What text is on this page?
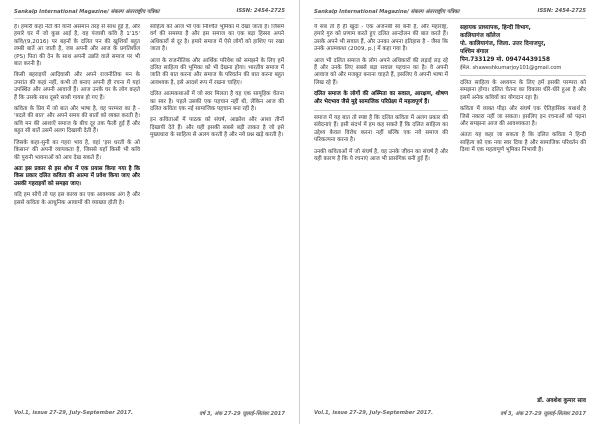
Sankalp International Magazine/ संकल्प अंतरराष्ट्रीय पत्रिका	ISSN: 2454-2725

है। हमारी कहां नेटों की यानी असमान तरह से साथ हुई है, और हमारे घर में जो कुछ आई है, वह पंजाबी कवि है 1'15' कवि/(9,2016) पर बहनों के दलित पन की खुशियाँ बहुत लम्बी बातें आ जाती है, जब अपनी और आज के प्रगतिशील (PS) पिता की देन के साथ अपनी उन्नति वाले समाज पर भी बात करनी है।

किसी बहराइयों आदिवासी और अपने राजनीतिक मन के उपरांत की कहां नहीं, कभी तो बनाए अपनी ही रचना में यहां उपस्थित और अपनी आवाजें हैं। आज उनके घर के लोग कहते हैं कि उसके साथ दूसरे साथी गायब हो गए हैं।

कविता के प्रिय में जो बात और भाषा है, वह परम्परा का है - 'बदले की बात' और अपने समय की बातों को व्यक्त करती है। कवि मन की आशाएँ समाज के बीच दूर तक फैली हुई हैं और बहुत सी बातें उसमें अलग दिखायी देती हैं।

जिसके कहा-सुनी का गहरा भाव है, वहां 'इस धरती के ओ किसान' की अपनी व्यापकता है, जिससे यहाँ किसी भी कवि की पुरानी भावनाओं को आप देख सकते हैं।

अतः इस प्रकार से इस शोध में एक प्रयास किया गया है कि किस प्रकार दलित कविता की आत्मा में प्रवेश किया जाए और उसकी गहराइयों को समझा जाए।

यदि हम सोचें तो यह इस काव्य का एक आवश्यक अंग है और इससे कविता के आधुनिक आयामों की व्याख्या होती है।

साहित्य को आज भी एक निश्चित भूमिका में देखा जाता है। जिसमें वर्ग की समस्या है और इस समाज का एक बड़ा हिस्सा अपने अधिकारों से दूर है। हमारे समाज में ऐसे लोगों को हाशिए पर रखा जाता है।

आज के राजनीतिक और आर्थिक परिवेश को समझने के लिए हमें दलित साहित्य की भूमिका को भी देखना होगा। भारतीय समाज में जाति की बात करना और समाज के परिवर्तन की बात करना बहुत आवश्यक है, इसे आदर्श रूप में रखना चाहिए।

दलित आत्मकथाओं में जो स्वर मिलता है वह एक सामूहिक चेतना का स्वर है। पहले उसकी एक पहचान नहीं थी, लेकिन आज की दलित कविता एक नई सामाजिक पहचान बना रही है।

इन कविताओं में पाठक को संघर्ष, आक्रोश और आशा तीनों दिखायी देते हैं। और यही इसकी सबसे बड़ी ताकत है जो इसे मुख्यधारा के साहित्य से अलग करती है और नये प्रश्न खड़े करती है।

Vol.1, issue 27-29, July-September 2017.	वर्ष 3, अंक 27-29 जुलाई-सितंबर 2017
Sankalp International Magazine/ संकल्प अंतरराष्ट्रीय पत्रिका	ISSN: 2454-2725

ये सब तो हैं ही खुदा - एक अजनबी सा बनी है, और महाराष्ट्र, हमारे गुरु को प्रणाम करते हुए दलित आन्दोलन की बात करते हैं। उसके अपने भी सवाल हैं, और उनका अपना इतिहास है - जैसा कि उनके आत्मकथा (2009, p.) में कहा गया है।

आज भी दलित समाज के लोग अपने अधिकारों की लड़ाई लड़ रहे हैं और उनके लिए सबसे बड़ा सवाल पहचान का है। वे अपनी आवाज को और मजबूत बनाना चाहते हैं, इसलिए वे अपनी भाषा में लिख रहे हैं।

दलित समाज के लोगों की अस्मिता का सवाल, आरक्षण, शोषण और भेदभाव जैसे मुद्दे सामाजिक परिप्रेक्ष्य में महत्वपूर्ण हैं।

समाज में यह बात तो स्पष्ट है कि दलित कविता में अलग प्रकार की संवेदनाएं हैं। इसी संदर्भ में हम कह सकते हैं कि दलित साहित्य का उद्देश्य केवल विरोध करना नहीं बल्कि एक नये समाज की परिकल्पना करना है।

उनकी कविताओं में जो संघर्ष है, वह उनके जीवन का संघर्ष है और यही कारण है कि ये रचनाएं आज भी प्रासंगिक बनी हुई हैं।

सहायक प्राध्यापक, हिन्दी विभाग,

कालियागंज कॉलेज

पो. कालियागंज, जिला. उत्तर दिनाजपुर,

पश्चिम बंगाल

पिन.733129 मो. 09474439158

ईमेल. shaweshkumarjoy101@gmail.com

दलित साहित्य के अध्ययन के लिए हमें इसकी परम्परा को समझना होगा। दलित चेतना का विकास धीरे-धीरे हुआ है और इसमें अनेक कवियों का योगदान रहा है।

कविता में व्यक्त पीड़ा और संघर्ष एक ऐतिहासिक यथार्थ है जिसे नकारा नहीं जा सकता। इसलिए इन रचनाओं को पढ़ना और समझना आज की आवश्यकता है।

अंततः यह कहा जा सकता है कि दलित कविता ने हिन्दी साहित्य को एक नया स्वर दिया है और सामाजिक परिवर्तन की दिशा में एक महत्वपूर्ण भूमिका निभायी है।

डॉ. अवशेश कुमार साव
Vol.1, issue 27-29, July-September 2017.	वर्ष 3, अंक 27-29 जुलाई-सितंबर 2017
